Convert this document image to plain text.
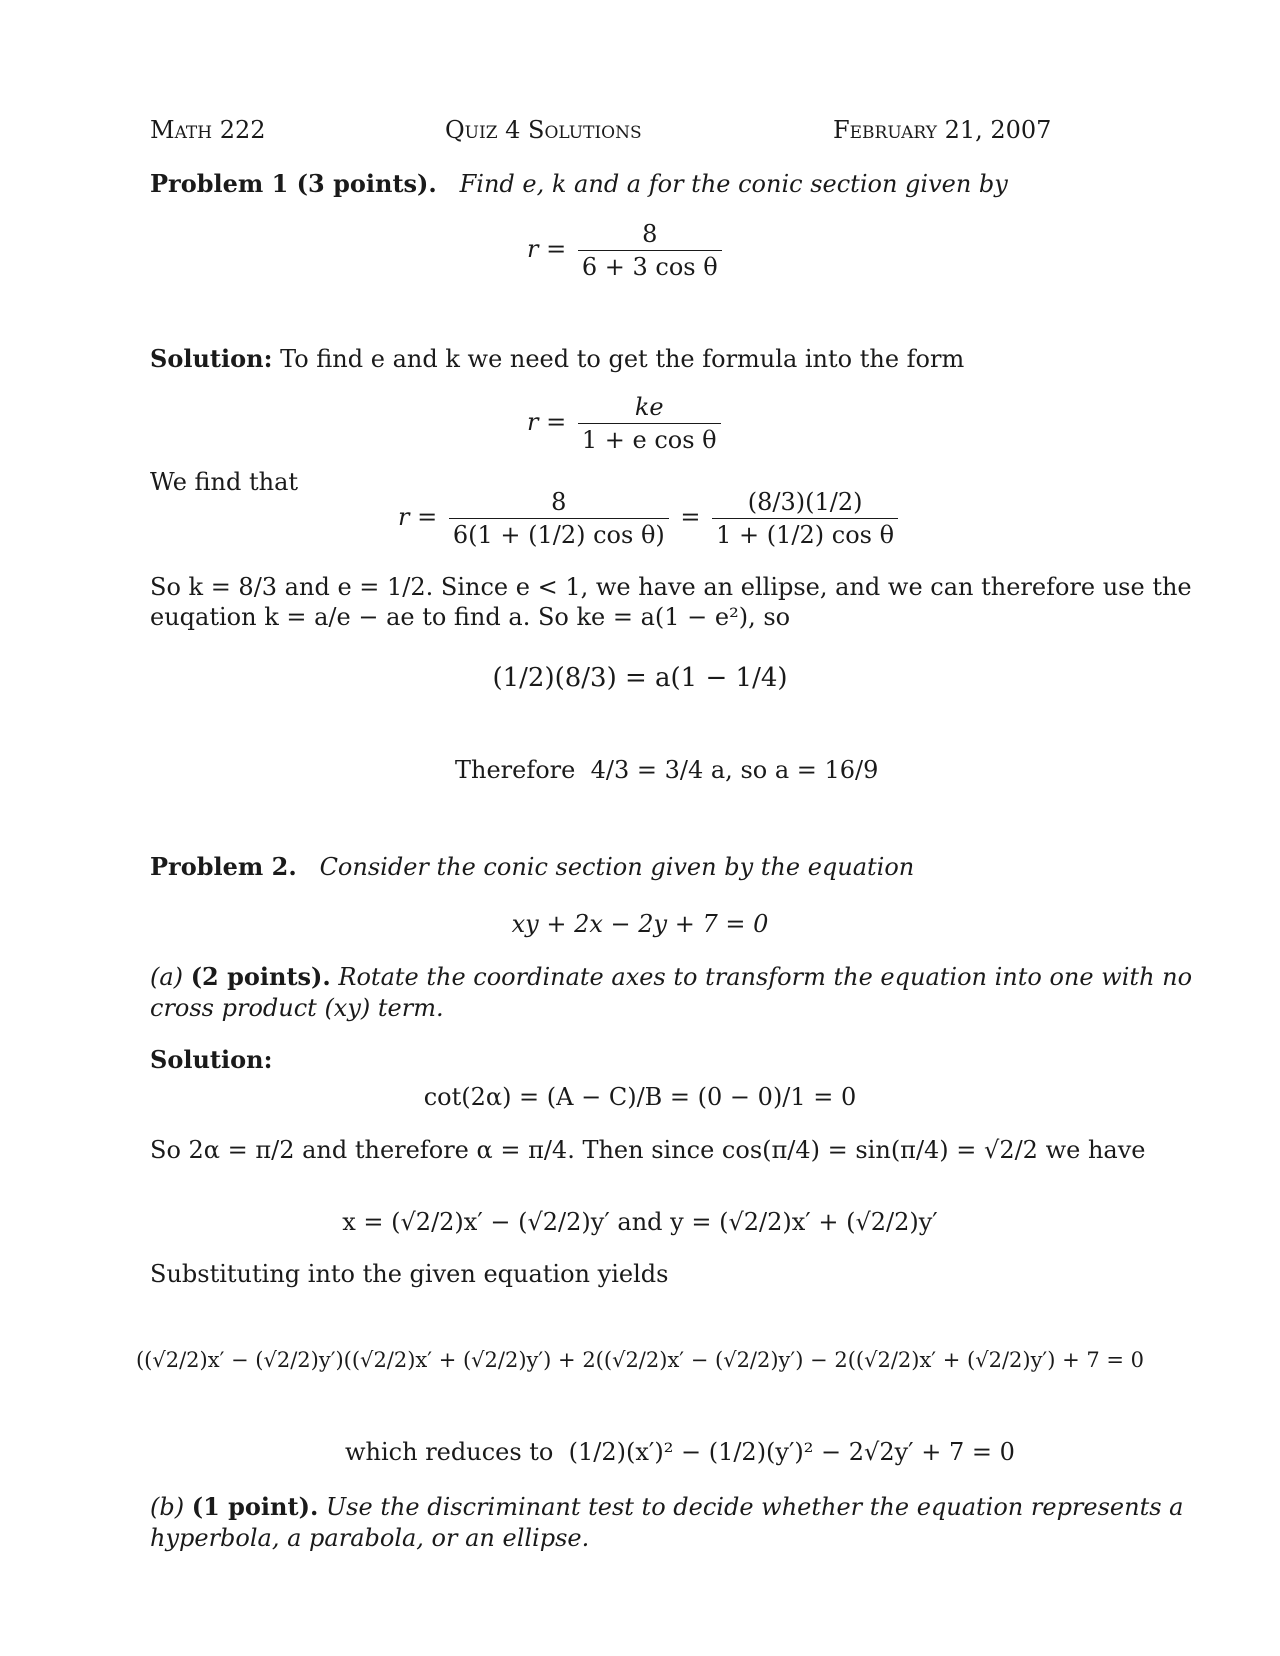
Math 222	Quiz 4 Solutions	February 21, 2007
Problem 1 (3 points). Find e, k and a for the conic section given by
$r = \frac{8}{\text{6 + 3 cos θ}}$
Solution: To find e and k we need to get the formula into the form
$r = \frac{ke}{\text{1 + e cos θ}}$
We find that
$r = \frac{8}{\text{6(1 + (1/2) cos θ)}} = \frac{(8/3)(1/2)}{\text{1 + (1/2) cos θ}}$
So k = 8/3 and e = 1/2. Since e < 1, we have an ellipse, and we can therefore use the
euqation k = a/e − ae to find a. So ke = a(1 − e²), so
(1/2)(8/3) = a(1 − 1/4)
Therefore 4/3 = 3/4 a, so a = 16/9
Problem 2. Consider the conic section given by the equation
xy + 2x − 2y + 7 = 0
(a) (2 points). Rotate the coordinate axes to transform the equation into one with no
cross product (xy) term.
Solution:
cot(2α) = (A − C)/B = (0 − 0)/1 = 0
So 2α = π/2 and therefore α = π/4. Then since cos(π/4) = sin(π/4) = √2/2 we have
x = (√2/2)x′ − (√2/2)y′ and y = (√2/2)x′ + (√2/2)y′
Substituting into the given equation yields
((√2/2)x′ − (√2/2)y′)((√2/2)x′ + (√2/2)y′) + 2((√2/2)x′ − (√2/2)y′) − 2((√2/2)x′ + (√2/2)y′) + 7 = 0
which reduces to (1/2)(x′)² − (1/2)(y′)² − 2√2y′ + 7 = 0
(b) (1 point). Use the discriminant test to decide whether the equation represents a
hyperbola, a parabola, or an ellipse.
